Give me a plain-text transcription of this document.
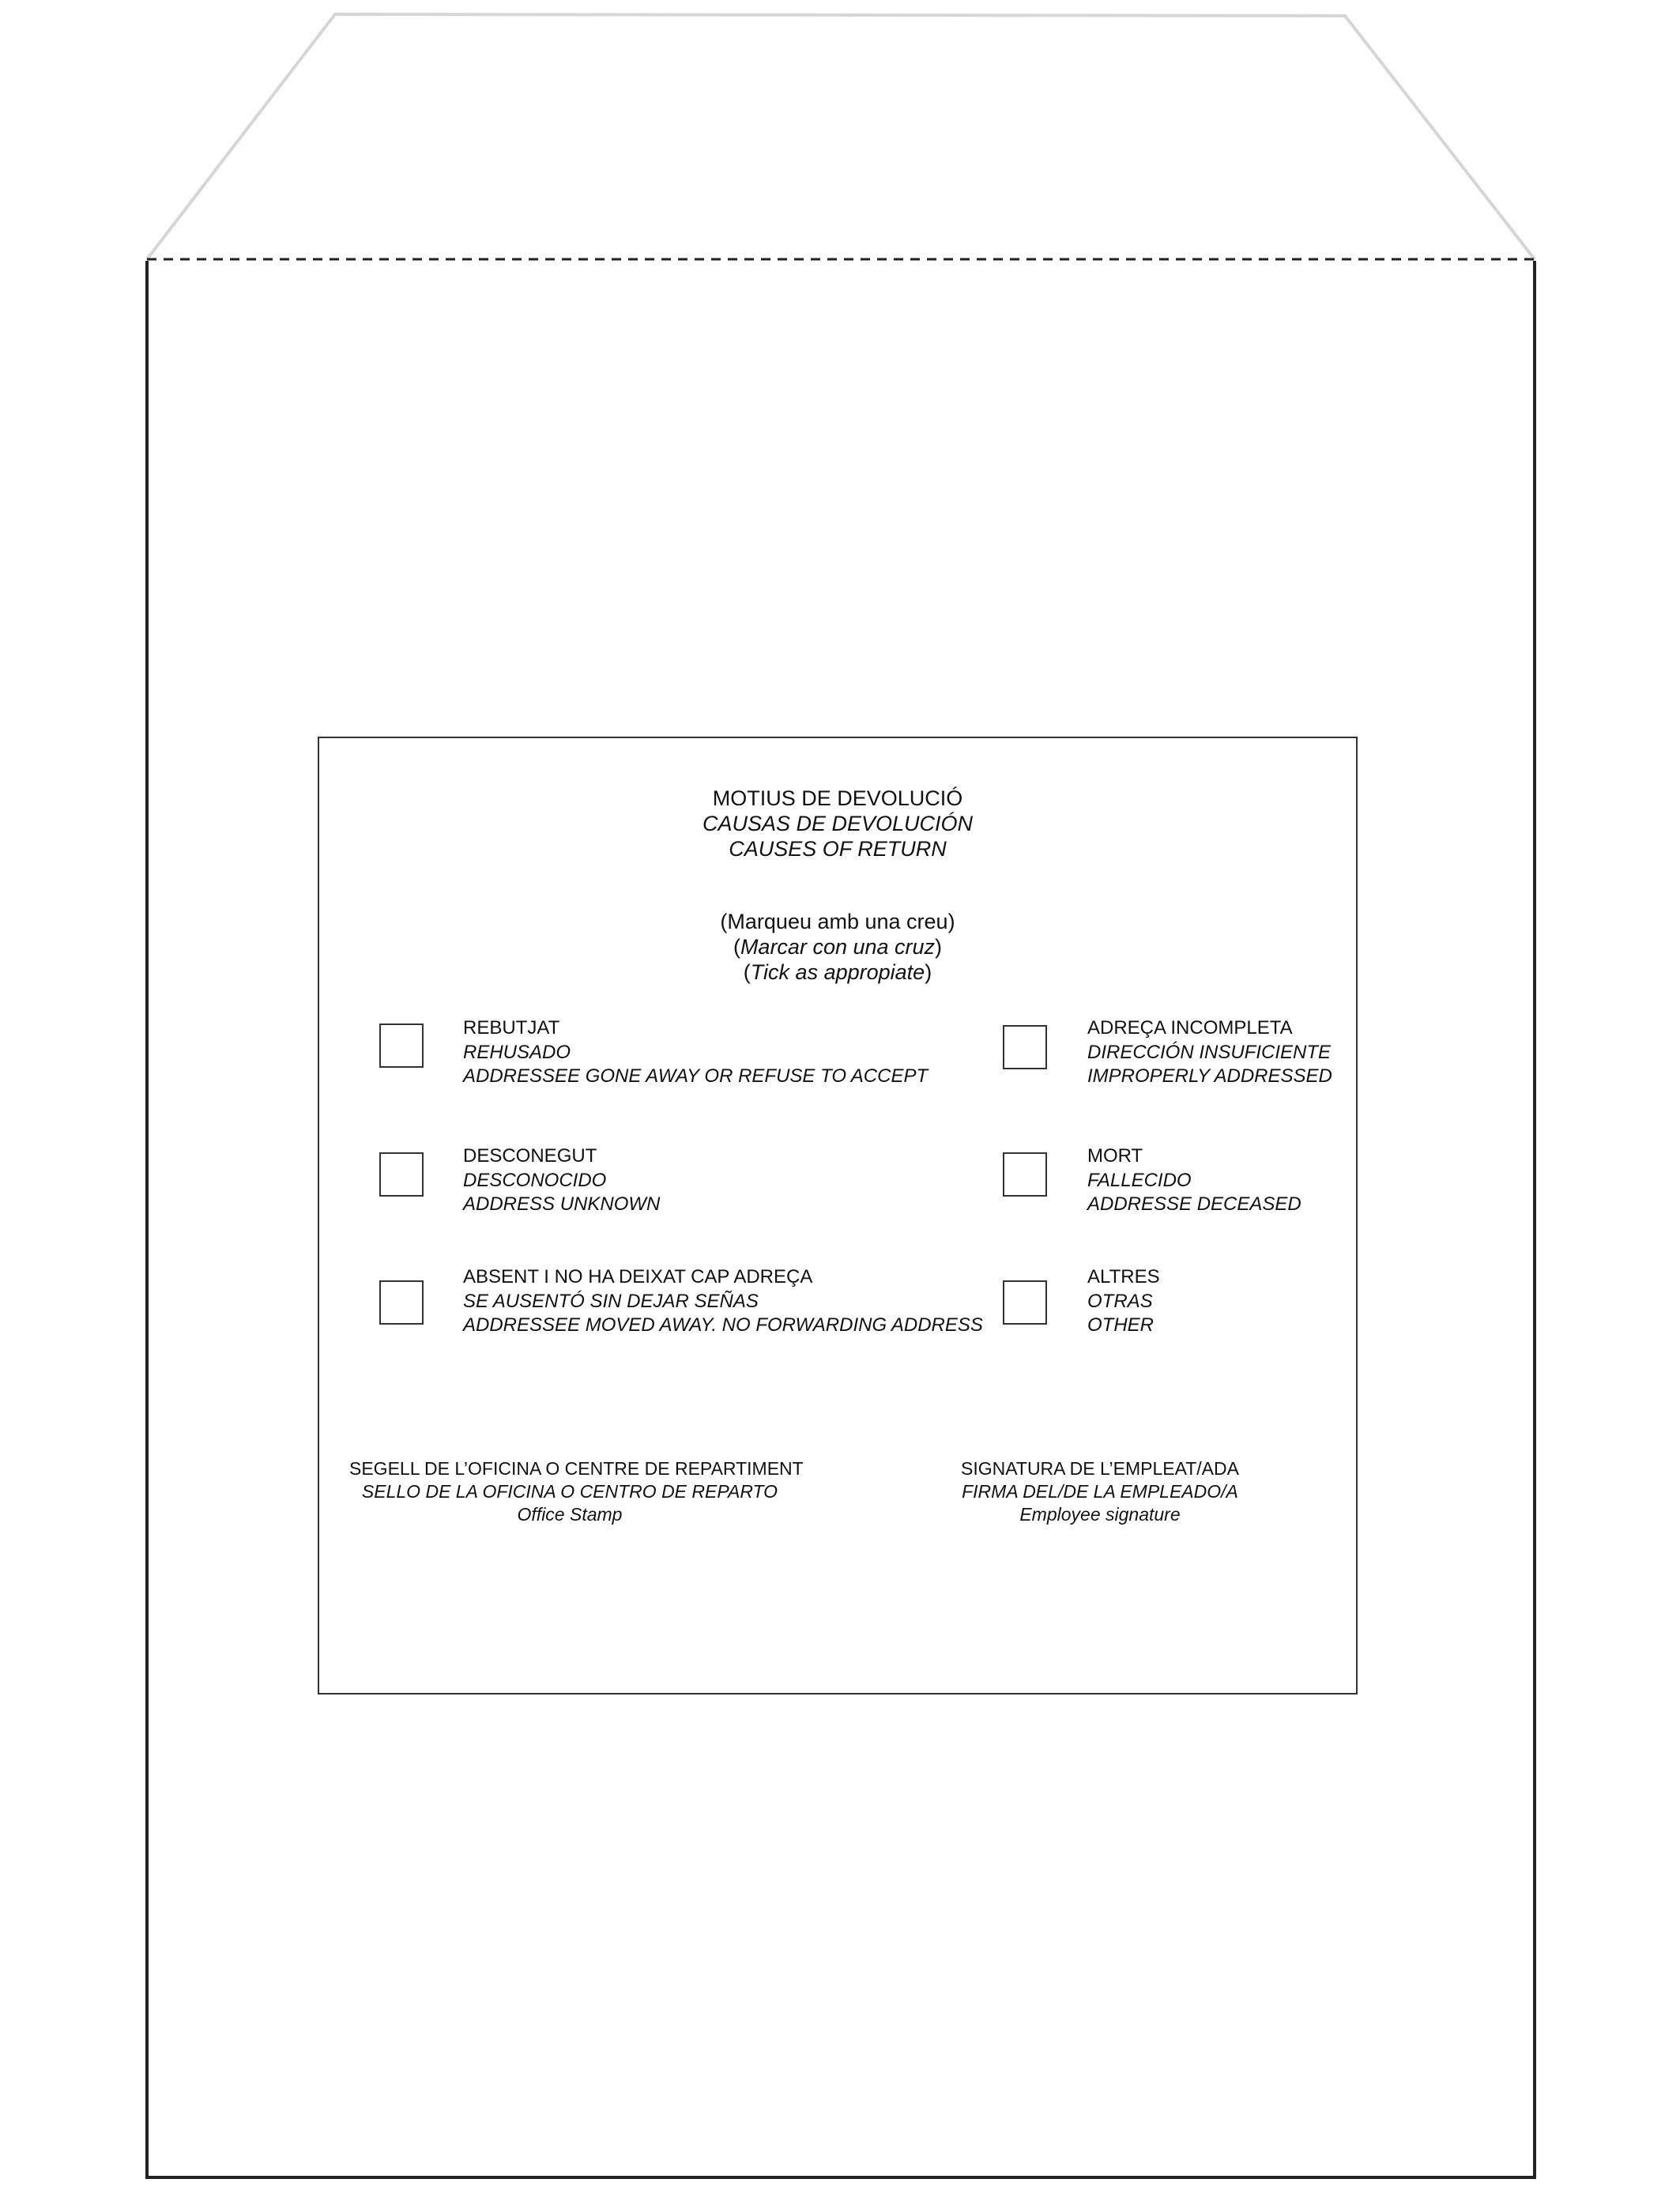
MOTIUS DE DEVOLUCIÓ
CAUSAS DE DEVOLUCIÓN
CAUSES OF RETURN
(Marqueu amb una creu)
(Marcar con una cruz)
(Tick as appropiate)
REBUTJAT
REHUSADO
ADDRESSEE GONE AWAY OR REFUSE TO ACCEPT
ADREÇA INCOMPLETA
DIRECCIÓN INSUFICIENTE
IMPROPERLY ADDRESSED
DESCONEGUT
DESCONOCIDO
ADDRESS UNKNOWN
MORT
FALLECIDO
ADDRESSE DECEASED
ABSENT I NO HA DEIXAT CAP ADREÇA
SE AUSENTÓ SIN DEJAR SEÑAS
ADDRESSEE MOVED AWAY. NO FORWARDING ADDRESS
ALTRES
OTRAS
OTHER
SEGELL DE L’OFICINA O CENTRE DE REPARTIMENT
SELLO DE LA OFICINA O CENTRO DE REPARTO
Office Stamp
SIGNATURA DE L’EMPLEAT/ADA
FIRMA DEL/DE LA EMPLEADO/A
Employee signature
